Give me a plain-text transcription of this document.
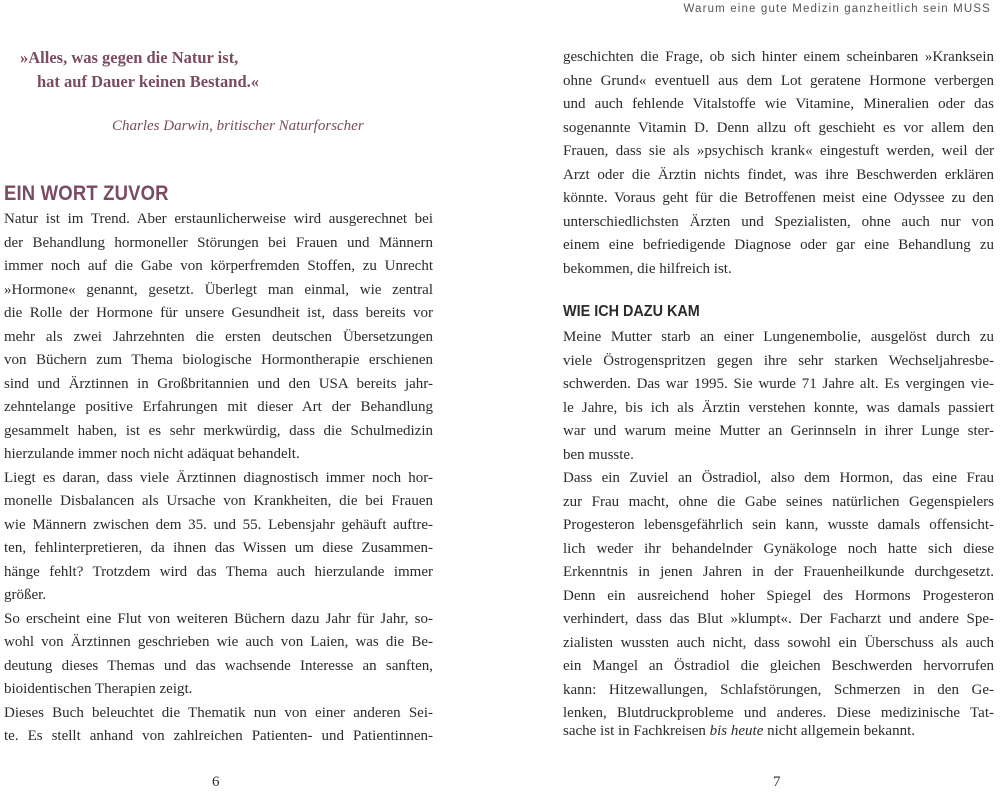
Warum eine gute Medizin ganzheitlich sein MUSS
»Alles, was gegen die Natur ist,
hat auf Dauer keinen Bestand.«
Charles Darwin, britischer Naturforscher
EIN WORT ZUVOR
Natur ist im Trend. Aber erstaunlicherweise wird ausgerechnet bei
der Behandlung hormoneller Störungen bei Frauen und Männern
immer noch auf die Gabe von körperfremden Stoffen, zu Unrecht
»Hormone« genannt, gesetzt. Überlegt man einmal, wie zentral
die Rolle der Hormone für unsere Gesundheit ist, dass bereits vor
mehr als zwei Jahrzehnten die ersten deutschen Übersetzungen
von Büchern zum Thema biologische Hormontherapie erschienen
sind und Ärztinnen in Großbritannien und den USA bereits jahr-
zehntelange positive Erfahrungen mit dieser Art der Behandlung
gesammelt haben, ist es sehr merkwürdig, dass die Schulmedizin
hierzulande immer noch nicht adäquat behandelt.
Liegt es daran, dass viele Ärztinnen diagnostisch immer noch hor-
monelle Disbalancen als Ursache von Krankheiten, die bei Frauen
wie Männern zwischen dem 35. und 55. Lebensjahr gehäuft auftre-
ten, fehlinterpretieren, da ihnen das Wissen um diese Zusammen-
hänge fehlt? Trotzdem wird das Thema auch hierzulande immer
größer.
So erscheint eine Flut von weiteren Büchern dazu Jahr für Jahr, so-
wohl von Ärztinnen geschrieben wie auch von Laien, was die Be-
deutung dieses Themas und das wachsende Interesse an sanften,
bioidentischen Therapien zeigt.
Dieses Buch beleuchtet die Thematik nun von einer anderen Sei-
te. Es stellt anhand von zahlreichen Patienten- und Patientinnen-
geschichten die Frage, ob sich hinter einem scheinbaren »Kranksein
ohne Grund« eventuell aus dem Lot geratene Hormone verbergen
und auch fehlende Vitalstoffe wie Vitamine, Mineralien oder das
sogenannte Vitamin D. Denn allzu oft geschieht es vor allem den
Frauen, dass sie als »psychisch krank« eingestuft werden, weil der
Arzt oder die Ärztin nichts findet, was ihre Beschwerden erklären
könnte. Voraus geht für die Betroffenen meist eine Odyssee zu den
unterschiedlichsten Ärzten und Spezialisten, ohne auch nur von
einem eine befriedigende Diagnose oder gar eine Behandlung zu
bekommen, die hilfreich ist.
Meine Mutter starb an einer Lungenembolie, ausgelöst durch zu
viele Östrogenspritzen gegen ihre sehr starken Wechseljahresbe-
schwerden. Das war 1995. Sie wurde 71 Jahre alt. Es vergingen vie-
le Jahre, bis ich als Ärztin verstehen konnte, was damals passiert
war und warum meine Mutter an Gerinnseln in ihrer Lunge ster-
ben musste.
Dass ein Zuviel an Östradiol, also dem Hormon, das eine Frau
zur Frau macht, ohne die Gabe seines natürlichen Gegenspielers
Progesteron lebensgefährlich sein kann, wusste damals offensicht-
lich weder ihr behandelnder Gynäkologe noch hatte sich diese
Erkenntnis in jenen Jahren in der Frauenheilkunde durchgesetzt.
Denn ein ausreichend hoher Spiegel des Hormons Progesteron
verhindert, dass das Blut »klumpt«. Der Facharzt und andere Spe-
zialisten wussten auch nicht, dass sowohl ein Überschuss als auch
ein Mangel an Östradiol die gleichen Beschwerden hervorrufen
kann: Hitzewallungen, Schlafstörungen, Schmerzen in den Ge-
lenken, Blutdruckprobleme und anderes. Diese medizinische Tat-
WIE ICH DAZU KAM
sache ist in Fachkreisen bis heute nicht allgemein bekannt.
6	7
